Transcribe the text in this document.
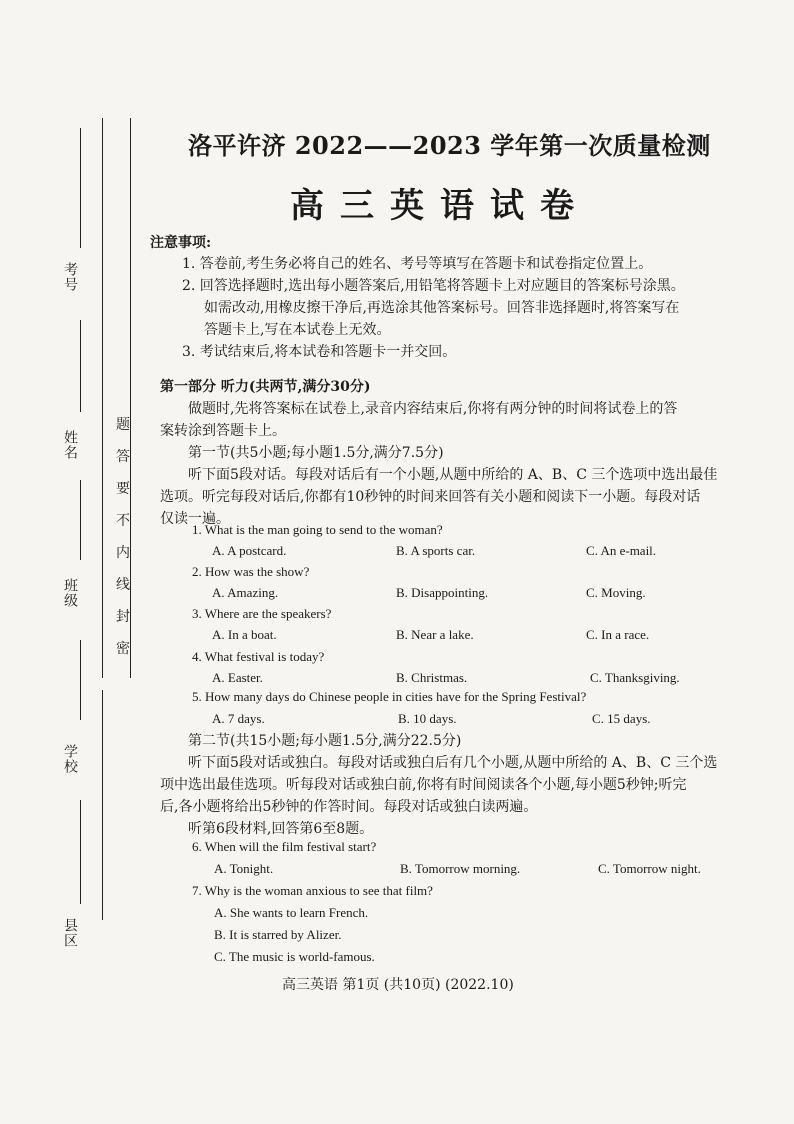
考号
姓名
班级
学校
县区
题
答
要
不
内
线
封
密
洛平许济 2022——2023 学年第一次质量检测
高三英语试卷
注意事项:
1. 答卷前,考生务必将自己的姓名、考号等填写在答题卡和试卷指定位置上。
2. 回答选择题时,选出每小题答案后,用铅笔将答题卡上对应题目的答案标号涂黑。
如需改动,用橡皮擦干净后,再选涂其他答案标号。回答非选择题时,将答案写在
答题卡上,写在本试卷上无效。
3. 考试结束后,将本试卷和答题卡一并交回。
第一部分 听力(共两节,满分30分)
做题时,先将答案标在试卷上,录音内容结束后,你将有两分钟的时间将试卷上的答
案转涂到答题卡上。
第一节(共5小题;每小题1.5分,满分7.5分)
听下面5段对话。每段对话后有一个小题,从题中所给的 A、B、C 三个选项中选出最佳
选项。听完每段对话后,你都有10秒钟的时间来回答有关小题和阅读下一小题。每段对话
仅读一遍。
1. What is the man going to send to the woman?
A. A postcard.	B. A sports car.	C. An e-mail.
2. How was the show?
A. Amazing.	B. Disappointing.	C. Moving.
3. Where are the speakers?
A. In a boat.	B. Near a lake.	C. In a race.
4. What festival is today?
A. Easter.	B. Christmas.	C. Thanksgiving.
5. How many days do Chinese people in cities have for the Spring Festival?
A. 7 days.	B. 10 days.	C. 15 days.
第二节(共15小题;每小题1.5分,满分22.5分)
听下面5段对话或独白。每段对话或独白后有几个小题,从题中所给的 A、B、C 三个选
项中选出最佳选项。听每段对话或独白前,你将有时间阅读各个小题,每小题5秒钟;听完
后,各小题将给出5秒钟的作答时间。每段对话或独白读两遍。
听第6段材料,回答第6至8题。
6. When will the film festival start?
A. Tonight.	B. Tomorrow morning.	C. Tomorrow night.
7. Why is the woman anxious to see that film?
A. She wants to learn French.
B. It is starred by Alizer.
C. The music is world-famous.
高三英语 第1页 (共10页) (2022.10)
